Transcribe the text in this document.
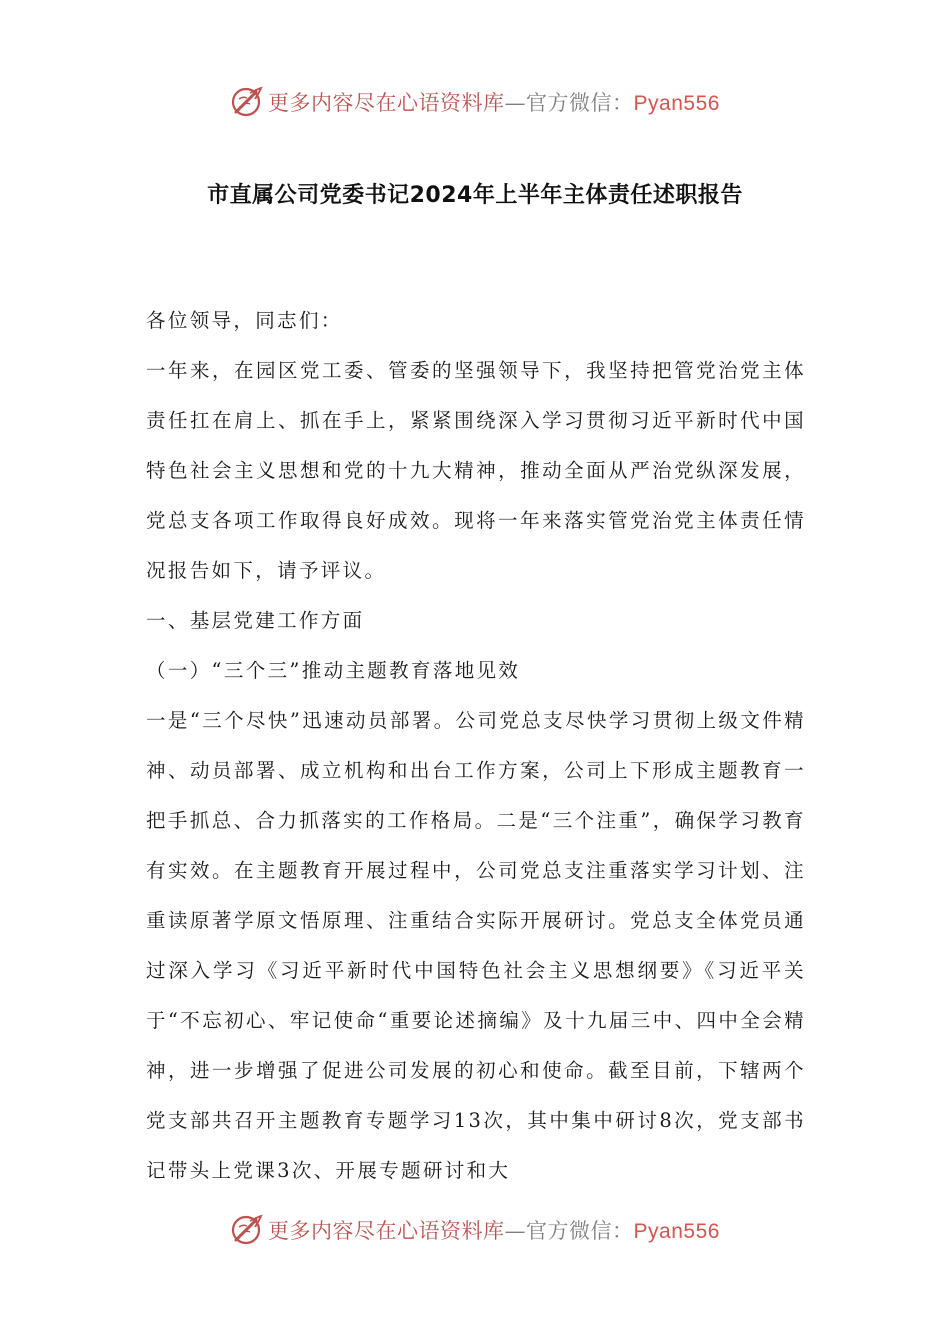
更多内容尽在心语资料库—官方微信：Pyan556
市直属公司党委书记2024年上半年主体责任述职报告

各位领导，同志们：

一年来，在园区党工委、管委的坚强领导下，我坚持把管党治党主体责任扛在肩上、抓在手上，紧紧围绕深入学习贯彻习近平新时代中国特色社会主义思想和党的十九大精神，推动全面从严治党纵深发展，党总支各项工作取得良好成效。现将一年来落实管党治党主体责任情况报告如下，请予评议。

一、基层党建工作方面

（一）“三个三”推动主题教育落地见效

一是“三个尽快”迅速动员部署。公司党总支尽快学习贯彻上级文件精神、动员部署、成立机构和出台工作方案，公司上下形成主题教育一把手抓总、合力抓落实的工作格局。二是“三个注重”，确保学习教育有实效。在主题教育开展过程中，公司党总支注重落实学习计划、注重读原著学原文悟原理、注重结合实际开展研讨。党总支全体党员通过深入学习《习近平新时代中国特色社会主义思想纲要》《习近平关于“不忘初心、牢记使命“重要论述摘编》及十九届三中、四中全会精神，进一步增强了促进公司发展的初心和使命。截至目前，下辖两个党支部共召开主题教育专题学习13次，其中集中研讨8次，党支部书记带头上党课3次、开展专题研讨和大

更多内容尽在心语资料库—官方微信：Pyan556
